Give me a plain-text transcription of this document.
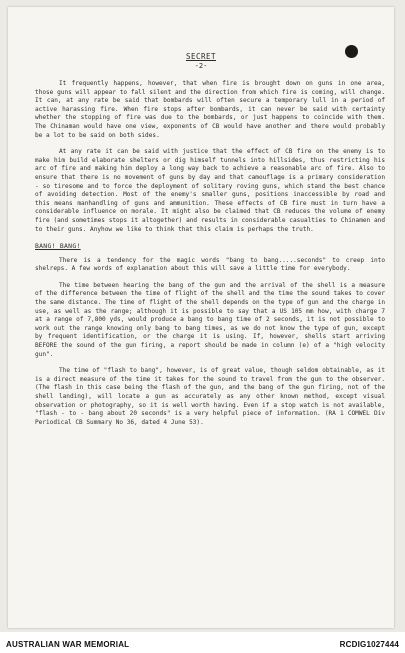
SECRET
-2-

It frequently happens, however, that when fire is brought down on guns in one area, those guns will appear to fall silent and the direction from which fire is coming, will change. It can, at any rate be said that bombards will often secure a temporary lull in a period of active harassing fire. When fire stops after bombards, it can never be said with certainty whether the stopping of fire was due to the bombards, or just happens to coincide with them. The Chinaman would have one view, exponents of CB would have another and there would probably be a lot to be said on both sides.

At any rate it can be said with justice that the effect of CB fire on the enemy is to make him build elaborate shelters or dig himself tunnels into hillsides, thus restricting his arc of fire and making him deploy a long way back to achieve a reasonable arc of fire. Also to ensure that there is no movement of guns by day and that camouflage is a primary consideration - so tiresome and to force the deployment of solitary roving guns, which stand the best chance of avoiding detection. Most of the enemy's smaller guns, positions inaccessible by road and this means manhandling of guns and ammunition. These effects of CB fire must in turn have a considerable influence on morale. It might also be claimed that CB reduces the volume of enemy fire (and sometimes stops it altogether) and results in considerable casualties to Chinamen and to their guns. Anyhow we like to think that this claim is perhaps the truth.

BANG! BANG!

There is a tendency for the magic words "bang to bang.....seconds" to creep into shelreps. A few words of explanation about this will save a little time for everybody.

The time between hearing the bang of the gun and the arrival of the shell is a measure of the difference between the time of flight of the shell and the time the sound takes to cover the same distance. The time of flight of the shell depends on the type of gun and the charge in use, as well as the range; although it is possible to say that a US 105 mm how, with charge 7 at a range of 7,800 yds, would produce a bang to bang time of 2 seconds, it is not possible to work out the range knowing only bang to bang times, as we do not know the type of gun, except by frequent identification, or the charge it is using. If, however, shells start arriving BEFORE the sound of the gun firing, a report should be made in column (e) of a "high velocity gun".

The time of "flash to bang", however, is of great value, though seldom obtainable, as it is a direct measure of the time it takes for the sound to travel from the gun to the observer. (The flash in this case being the flash of the gun, and the bang of the gun firing, not of the shell landing), will locate a gun as accurately as any other known method, except visual observation or photography, so it is well worth having. Even if a stop watch is not available, "flash - to - bang about 20 seconds" is a very helpful piece of information. (RA 1 COMWEL Div Periodical CB Summary No 36, dated 4 June 53).

AUSTRALIAN WAR MEMORIAL	RCDIG1027444
